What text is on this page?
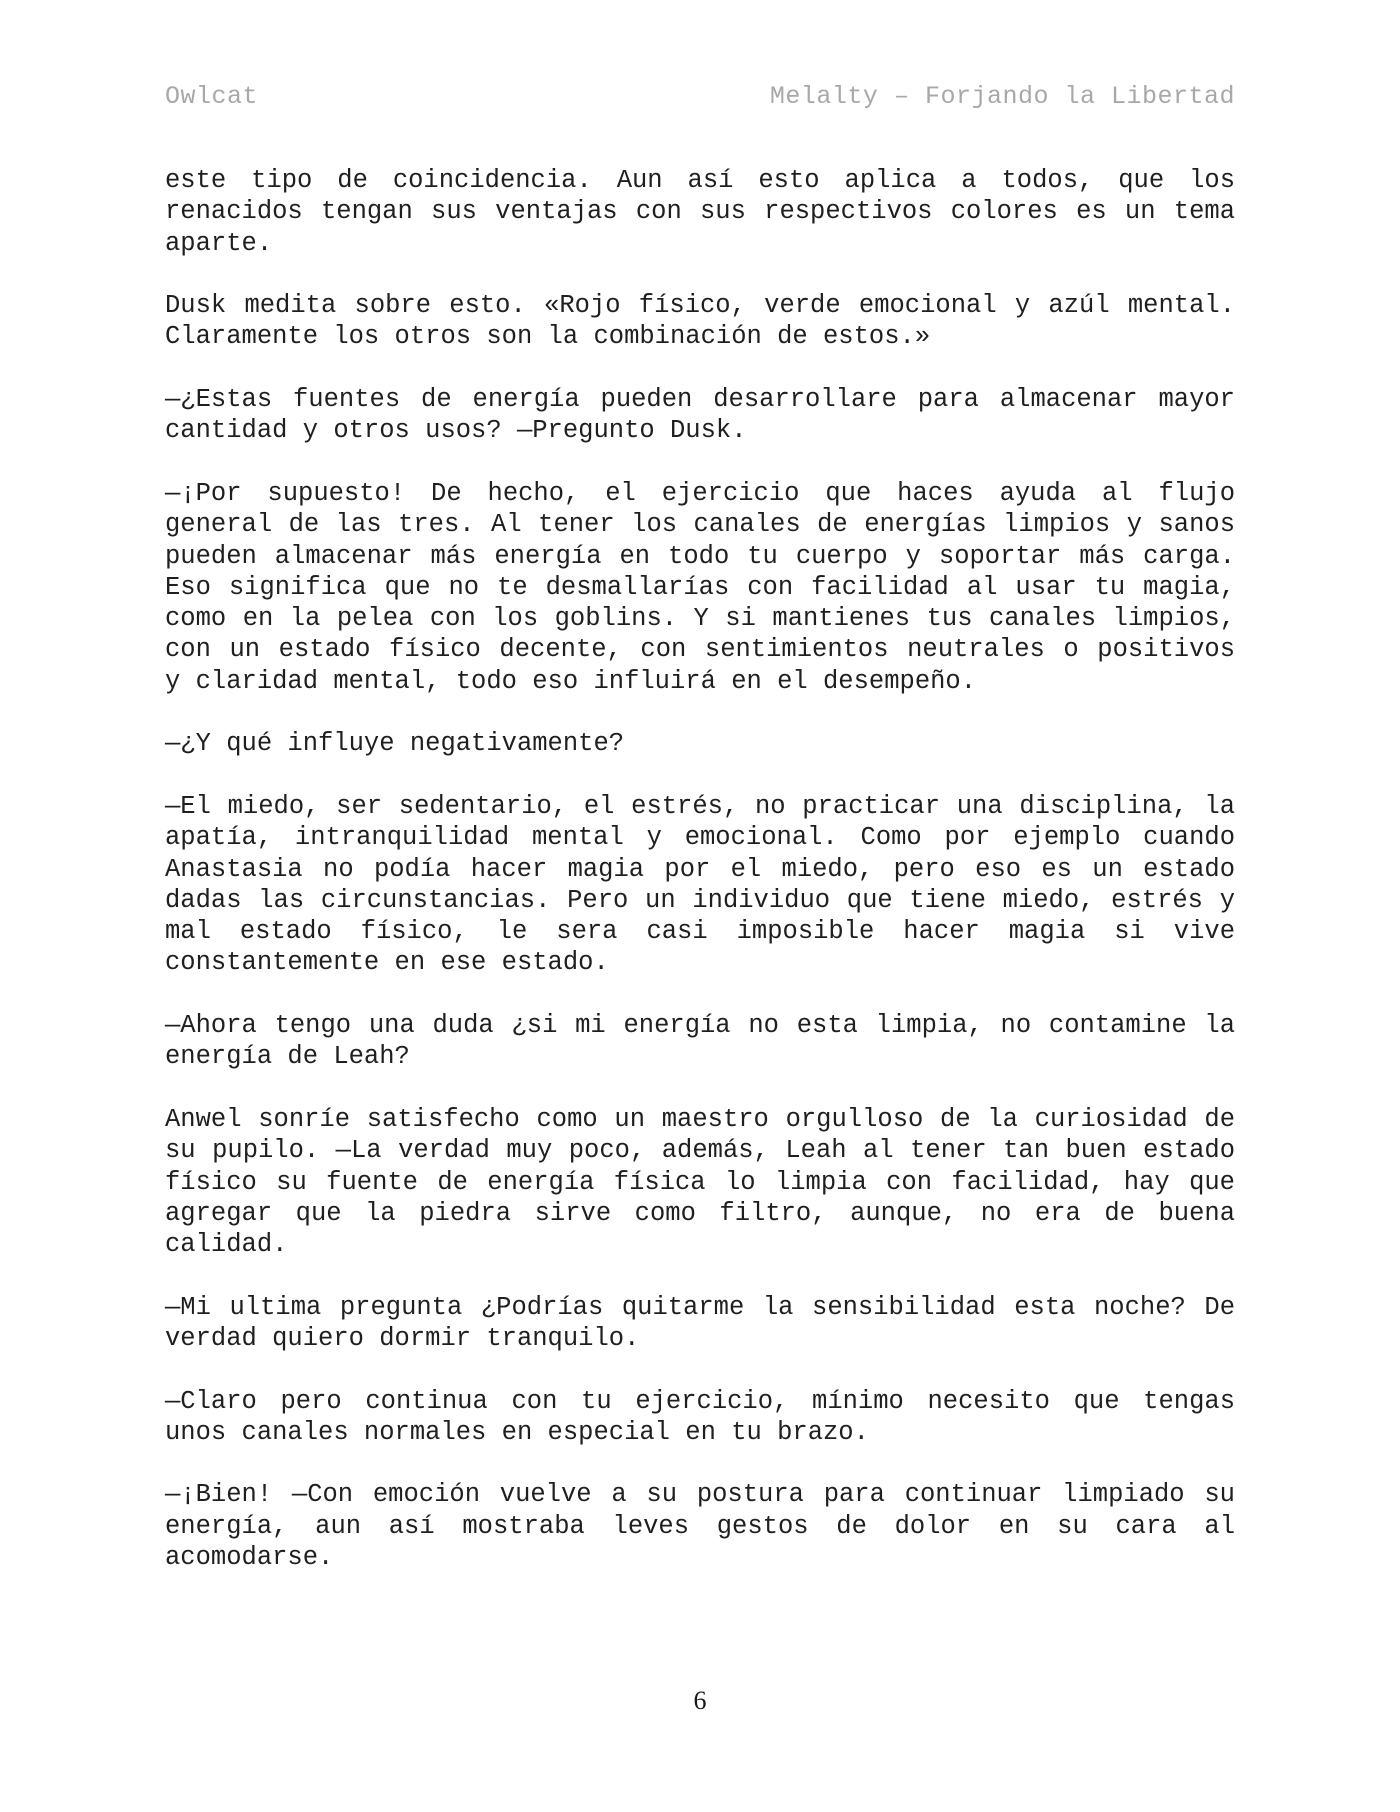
Owlcat	Melalty – Forjando la Libertad

este tipo de coincidencia. Aun así esto aplica a todos, que los renacidos tengan sus ventajas con sus respectivos colores es un tema aparte.

Dusk medita sobre esto. «Rojo físico, verde emocional y azúl mental. Claramente los otros son la combinación de estos.»

—¿Estas fuentes de energía pueden desarrollare para almacenar mayor cantidad y otros usos? —Pregunto Dusk.

—¡Por supuesto! De hecho, el ejercicio que haces ayuda al flujo general de las tres. Al tener los canales de energías limpios y sanos pueden almacenar más energía en todo tu cuerpo y soportar más carga. Eso significa que no te desmallarías con facilidad al usar tu magia, como en la pelea con los goblins. Y si mantienes tus canales limpios, con un estado físico decente, con sentimientos neutrales o positivos y claridad mental, todo eso influirá en el desempeño.

—¿Y qué influye negativamente?

—El miedo, ser sedentario, el estrés, no practicar una disciplina, la apatía, intranquilidad mental y emocional. Como por ejemplo cuando Anastasia no podía hacer magia por el miedo, pero eso es un estado dadas las circunstancias. Pero un individuo que tiene miedo, estrés y mal estado físico, le sera casi imposible hacer magia si vive constantemente en ese estado.

—Ahora tengo una duda ¿si mi energía no esta limpia, no contamine la energía de Leah?

Anwel sonríe satisfecho como un maestro orgulloso de la curiosidad de su pupilo. —La verdad muy poco, además, Leah al tener tan buen estado físico su fuente de energía física lo limpia con facilidad, hay que agregar que la piedra sirve como filtro, aunque, no era de buena calidad.

—Mi ultima pregunta ¿Podrías quitarme la sensibilidad esta noche? De verdad quiero dormir tranquilo.

—Claro pero continua con tu ejercicio, mínimo necesito que tengas unos canales normales en especial en tu brazo.

—¡Bien! —Con emoción vuelve a su postura para continuar limpiado su energía, aun así mostraba leves gestos de dolor en su cara al acomodarse.

6
